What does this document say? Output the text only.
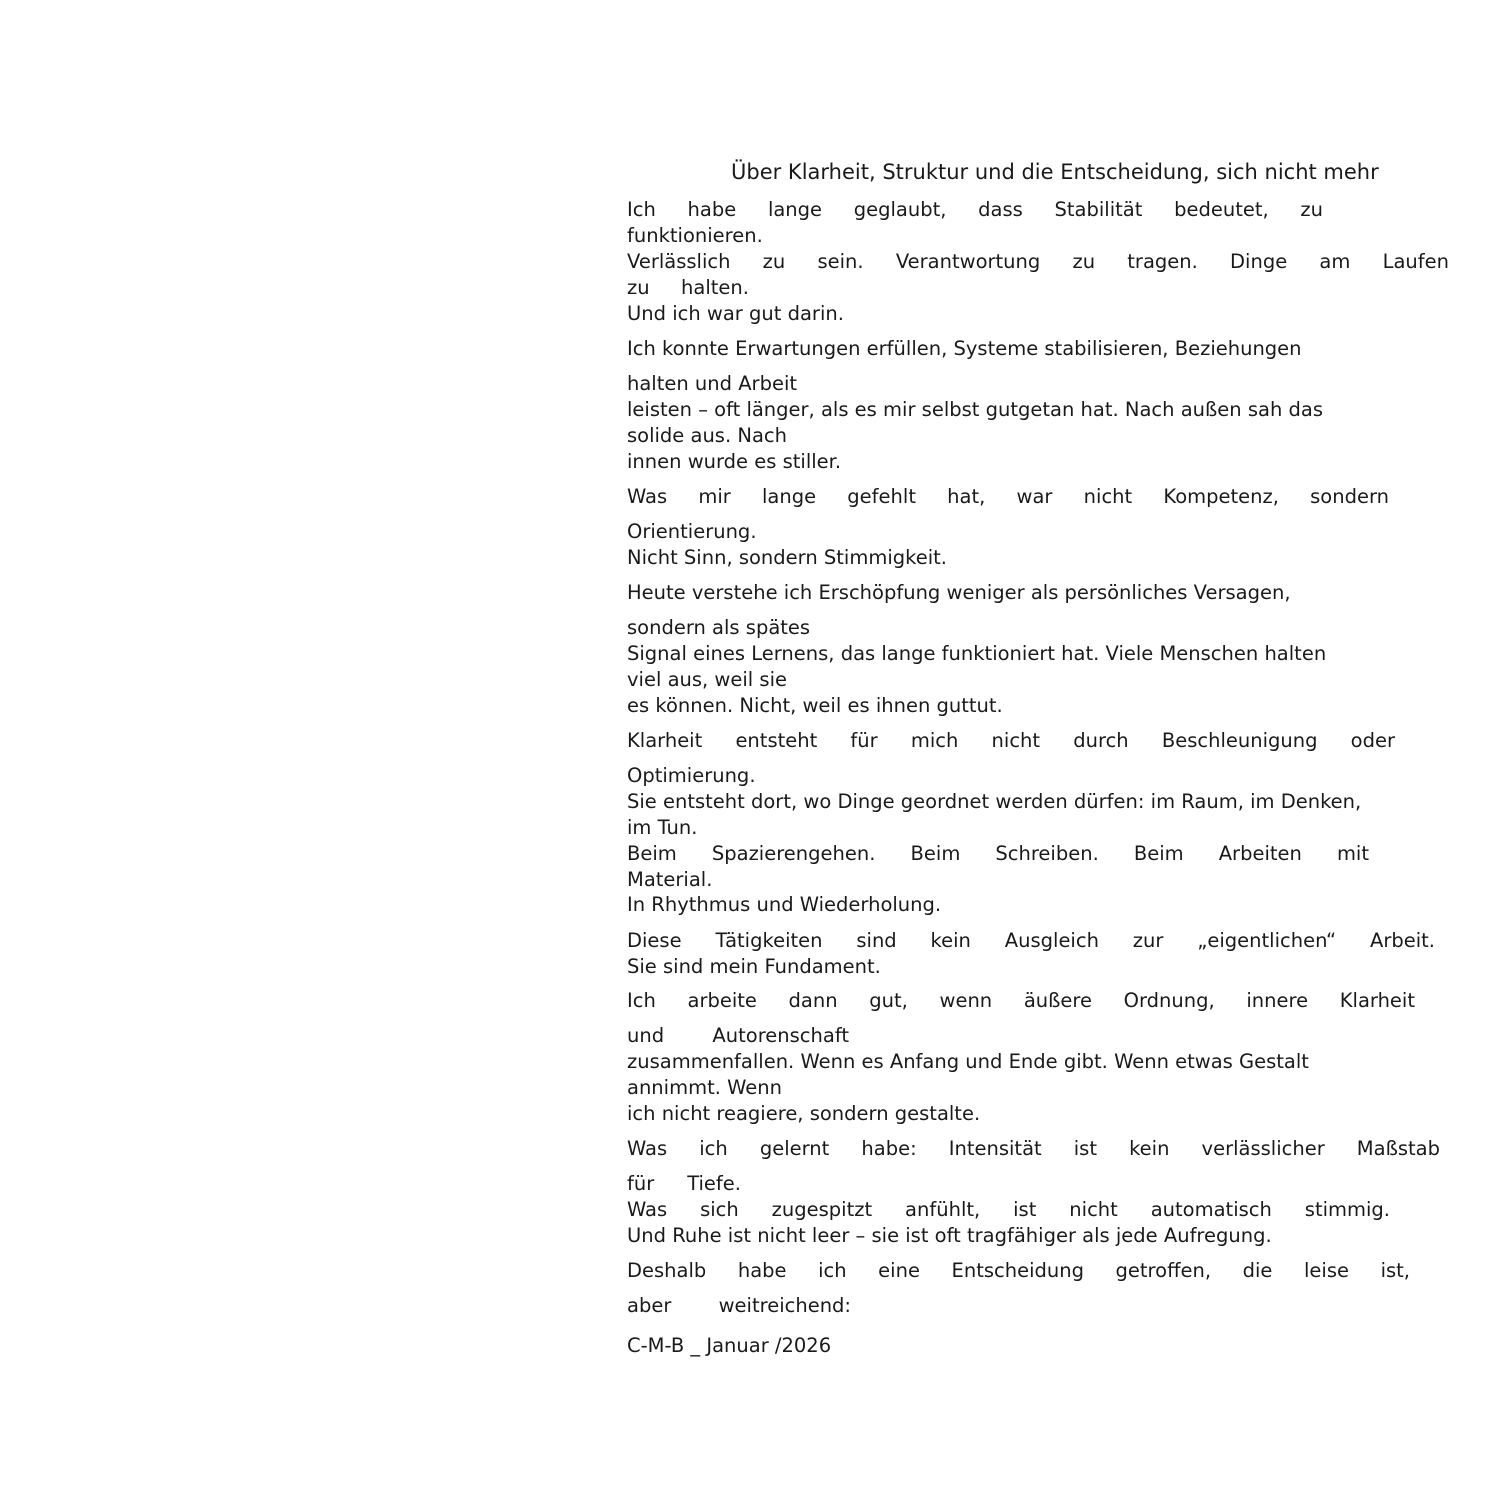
Über Klarheit, Struktur und die Entscheidung, sich nicht mehr
Ich habe lange geglaubt, dass Stabilität bedeutet, zu
funktionieren.
Verlässlich zu sein. Verantwortung zu tragen. Dinge am Laufen
zu halten.
Und ich war gut darin.
Ich konnte Erwartungen erfüllen, Systeme stabilisieren, Beziehungen
halten und Arbeit
leisten – oft länger, als es mir selbst gutgetan hat. Nach außen sah das
solide aus. Nach
innen wurde es stiller.
Was mir lange gefehlt hat, war nicht Kompetenz, sondern
Orientierung.
Nicht Sinn, sondern Stimmigkeit.
Heute verstehe ich Erschöpfung weniger als persönliches Versagen,
sondern als spätes
Signal eines Lernens, das lange funktioniert hat. Viele Menschen halten
viel aus, weil sie
es können. Nicht, weil es ihnen guttut.
Klarheit entsteht für mich nicht durch Beschleunigung oder
Optimierung.
Sie entsteht dort, wo Dinge geordnet werden dürfen: im Raum, im Denken,
im Tun.
Beim Spazierengehen. Beim Schreiben. Beim Arbeiten mit
Material.
In Rhythmus und Wiederholung.
Diese Tätigkeiten sind kein Ausgleich zur „eigentlichen“ Arbeit.
Sie sind mein Fundament.
Ich arbeite dann gut, wenn äußere Ordnung, innere Klarheit
und Autorenschaft
zusammenfallen. Wenn es Anfang und Ende gibt. Wenn etwas Gestalt
annimmt. Wenn
ich nicht reagiere, sondern gestalte.
Was ich gelernt habe: Intensität ist kein verlässlicher Maßstab
für Tiefe.
Was sich zugespitzt anfühlt, ist nicht automatisch stimmig.
Und Ruhe ist nicht leer – sie ist oft tragfähiger als jede Aufregung.
Deshalb habe ich eine Entscheidung getroffen, die leise ist,
aber weitreichend:
C-M-B _ Januar /2026
